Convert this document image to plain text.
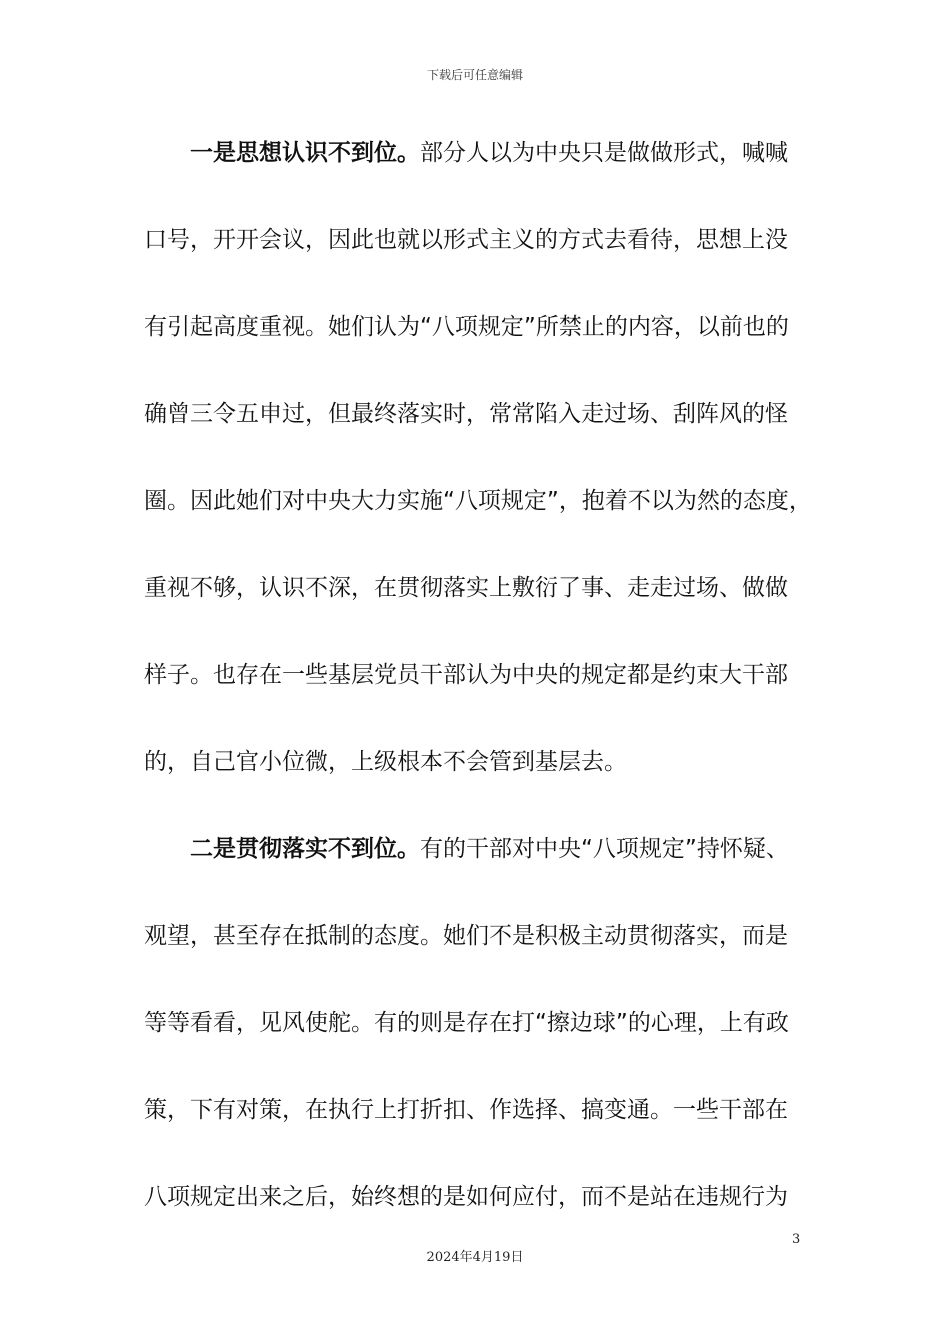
下载后可任意编辑
一是思想认识不到位。部分人以为中央只是做做形式，喊喊
口号，开开会议，因此也就以形式主义的方式去看待，思想上没
有引起高度重视。她们认为“八项规定”所禁止的内容，以前也的
确曾三令五申过，但最终落实时，常常陷入走过场、刮阵风的怪
圈。因此她们对中央大力实施“八项规定”，抱着不以为然的态度，
重视不够，认识不深，在贯彻落实上敷衍了事、走走过场、做做
样子。也存在一些基层党员干部认为中央的规定都是约束大干部
的，自己官小位微，上级根本不会管到基层去。
二是贯彻落实不到位。有的干部对中央“八项规定”持怀疑、
观望，甚至存在抵制的态度。她们不是积极主动贯彻落实，而是
等等看看，见风使舵。有的则是存在打“擦边球”的心理，上有政
策，下有对策，在执行上打折扣、作选择、搞变通。一些干部在
八项规定出来之后，始终想的是如何应付，而不是站在违规行为
3
2024年4月19日
